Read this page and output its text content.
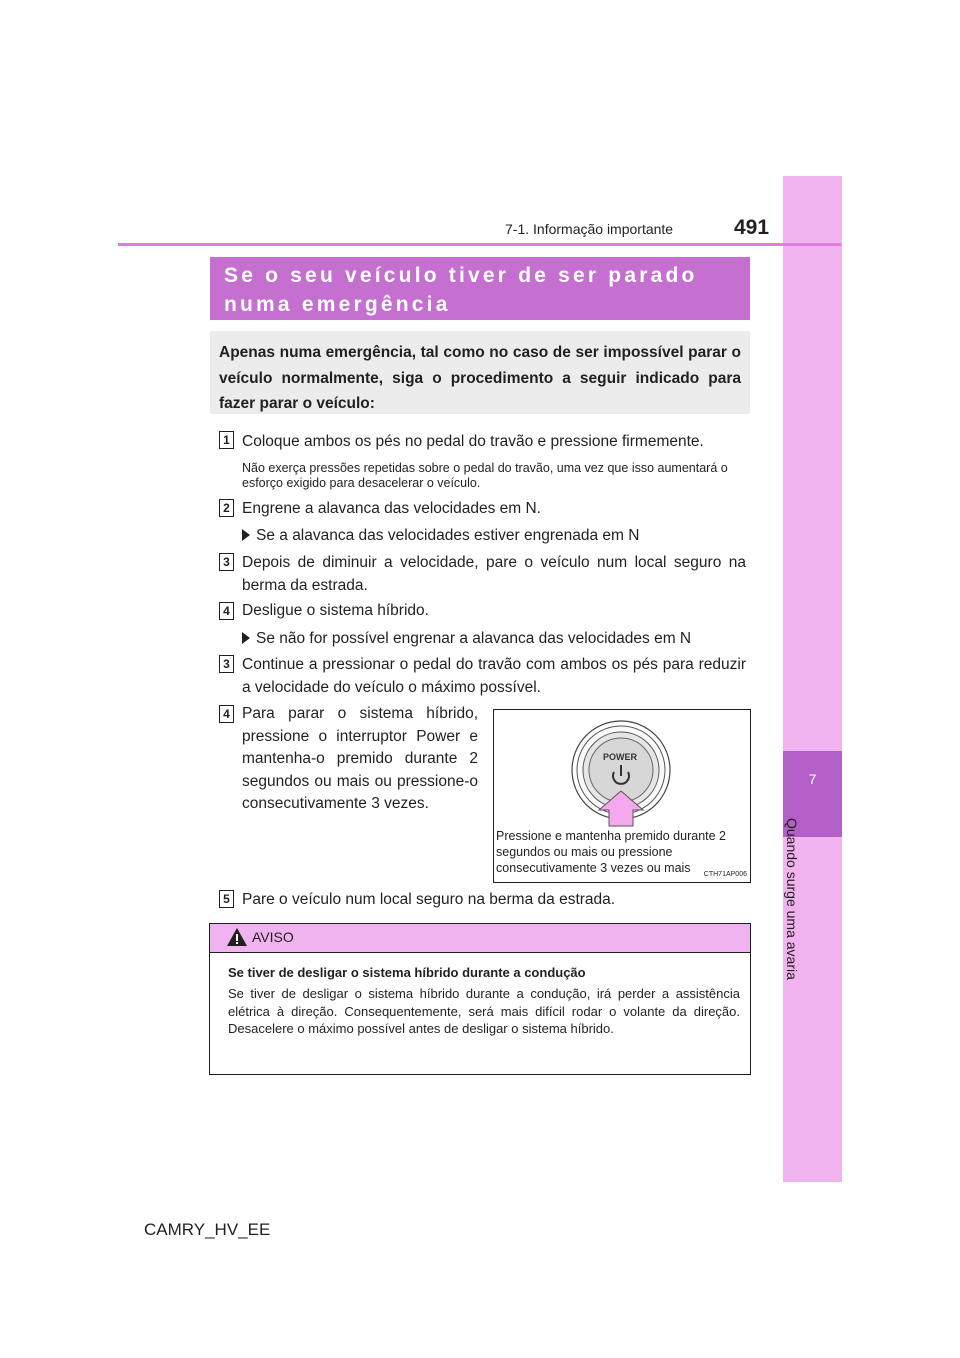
7
Quando surge uma avaria
7-1. Informação importante	491
Se o seu veículo tiver de ser parado numa emergência
Apenas numa emergência, tal como no caso de ser impossível parar o veículo normalmente, siga o procedimento a seguir indicado para fazer parar o veículo:
1 Coloque ambos os pés no pedal do travão e pressione firmemente.
Não exerça pressões repetidas sobre o pedal do travão, uma vez que isso aumentará o esforço exigido para desacelerar o veículo.
2 Engrene a alavanca das velocidades em N.
Se a alavanca das velocidades estiver engrenada em N
3 Depois de diminuir a velocidade, pare o veículo num local seguro na berma da estrada.
4 Desligue o sistema híbrido.
Se não for possível engrenar a alavanca das velocidades em N
3 Continue a pressionar o pedal do travão com ambos os pés para reduzir a velocidade do veículo o máximo possível.
4 Para parar o sistema híbrido, pressione o interruptor Power e mantenha-o premido durante 2 segundos ou mais ou pressione-o consecutivamente 3 vezes.
POWER
Pressione e mantenha premido durante 2 segundos ou mais ou pressione consecutivamente 3 vezes ou mais	CTH71AP006
5 Pare o veículo num local seguro na berma da estrada.
AVISO
Se tiver de desligar o sistema híbrido durante a condução
Se tiver de desligar o sistema híbrido durante a condução, irá perder a assistência elétrica à direção. Consequentemente, será mais difícil rodar o volante da direção. Desacelere o máximo possível antes de desligar o sistema híbrido.
CAMRY_HV_EE
